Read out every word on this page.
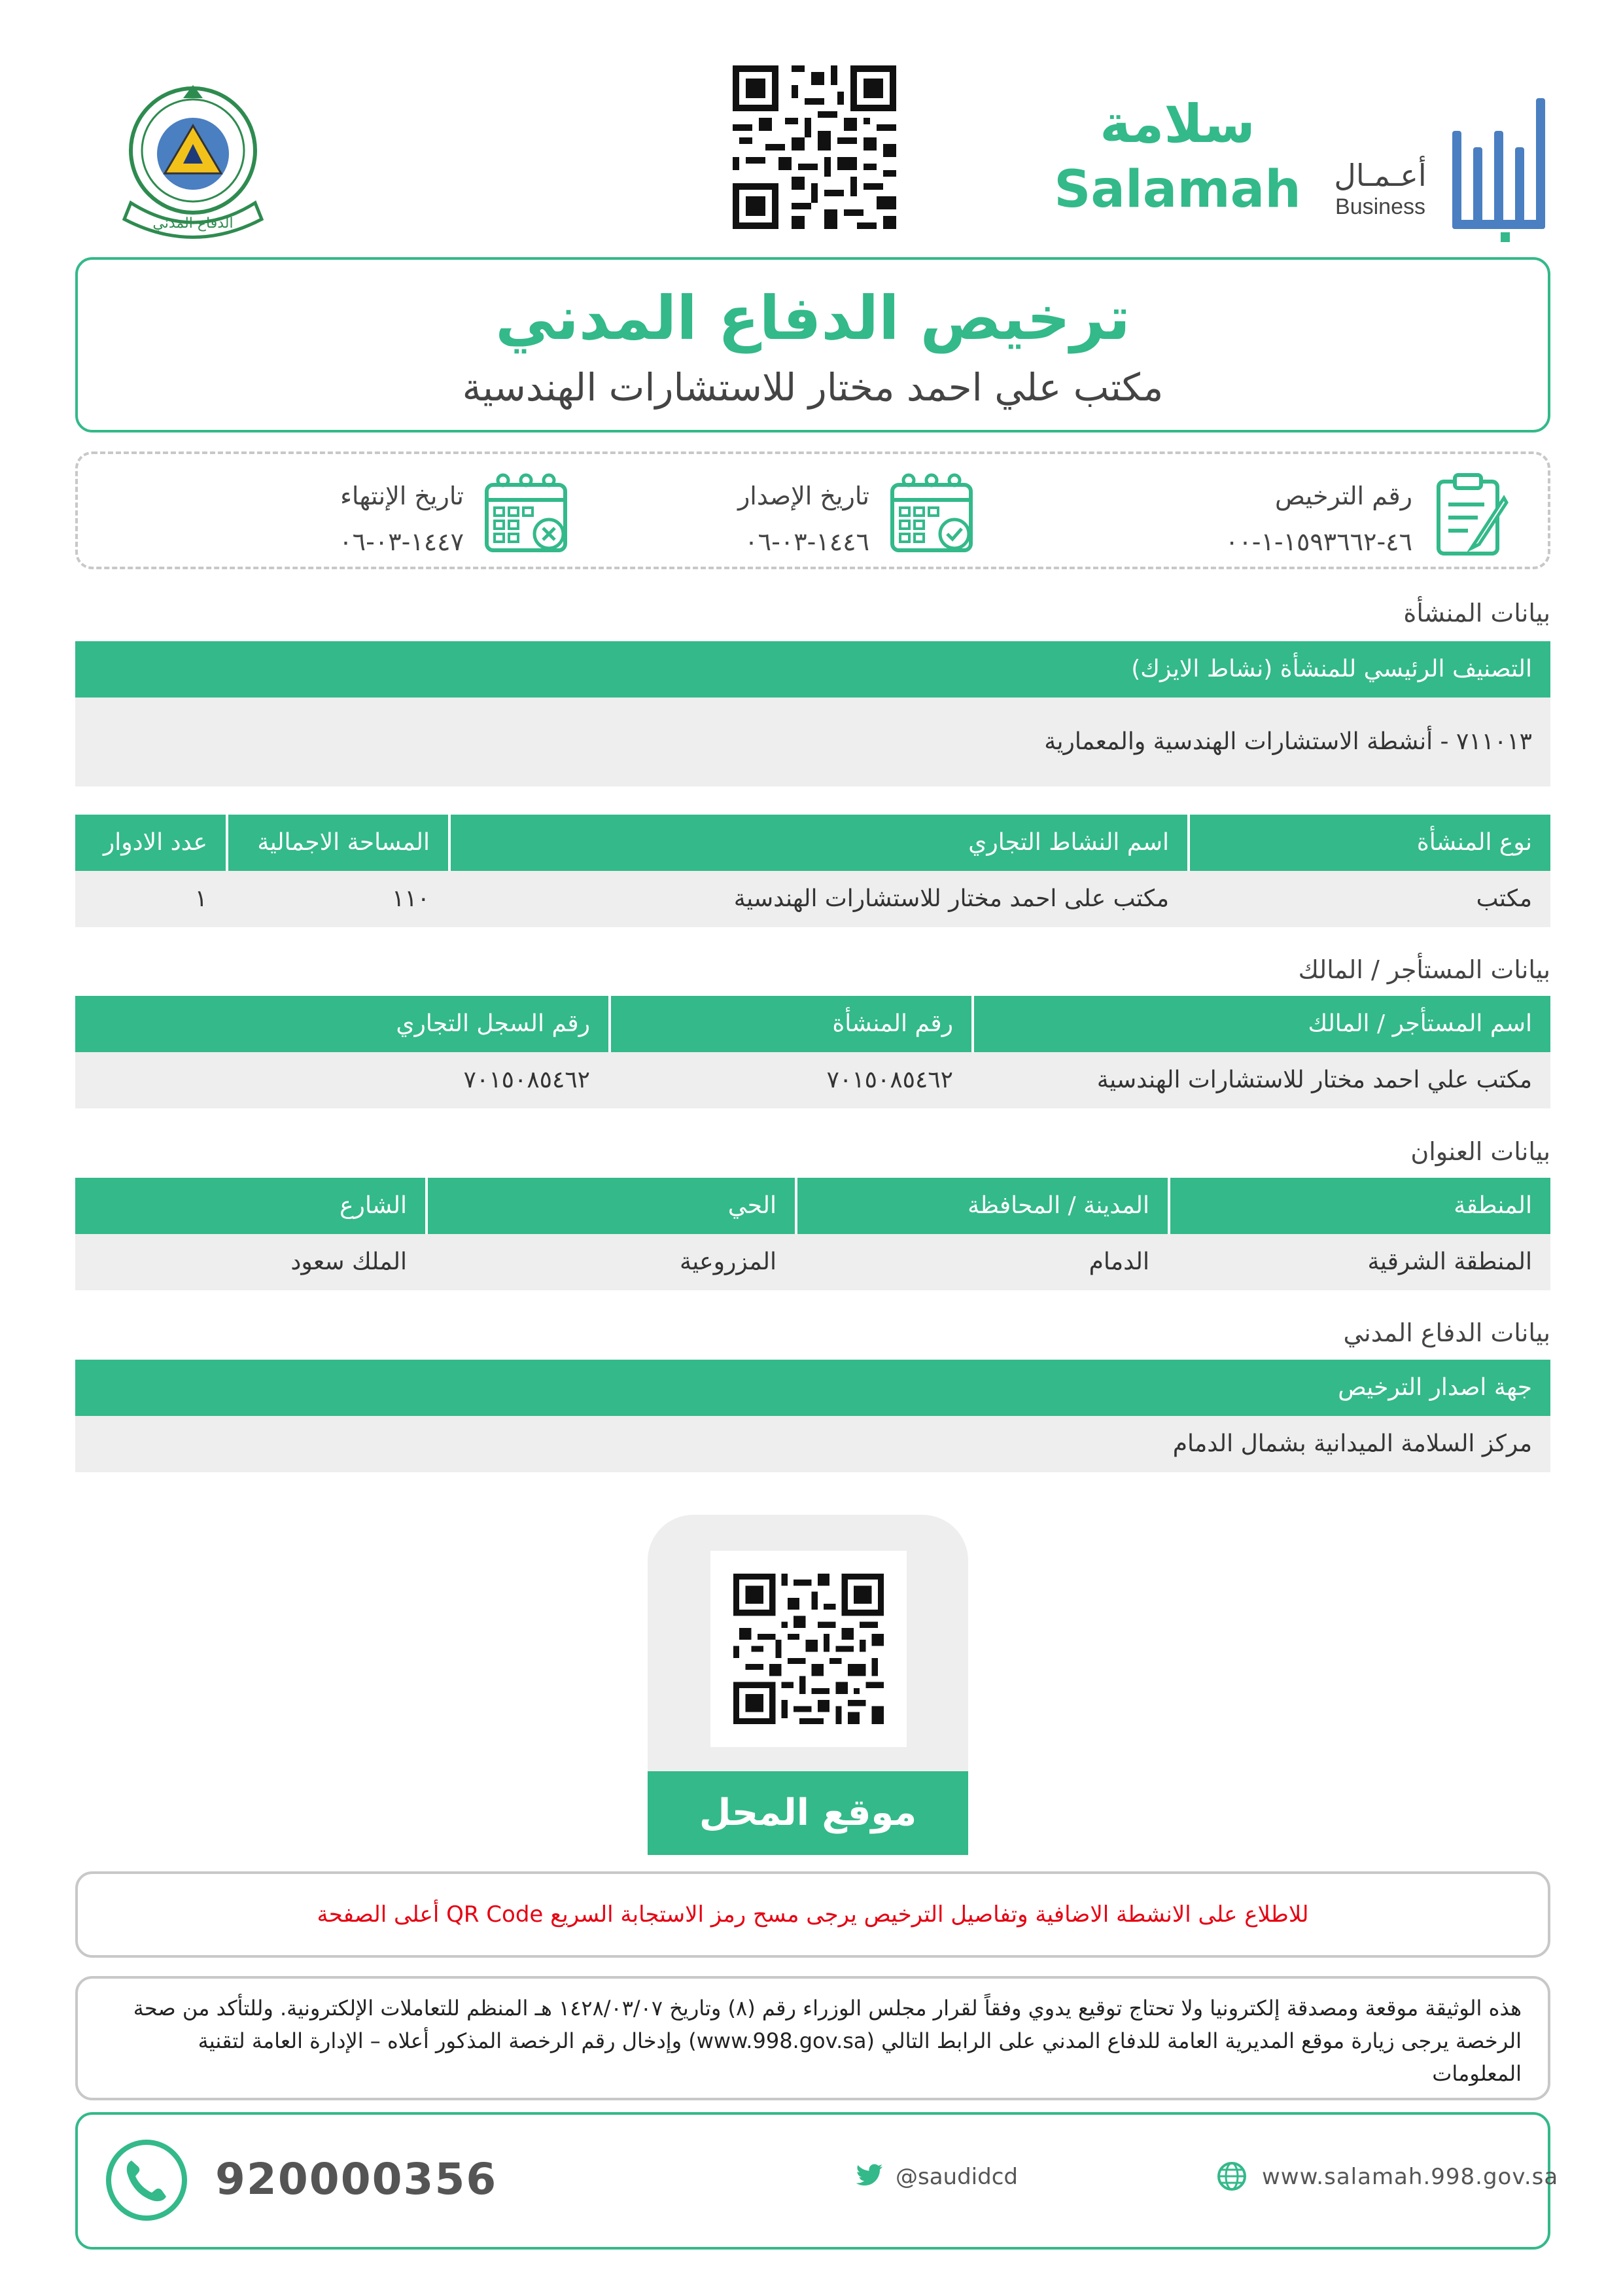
الدفاع المدني
سلامة
Salamah أعـمـال
Business
ترخيص الدفاع المدني
مكتب علي احمد مختار للاستشارات الهندسية
رقم الترخيص
٤٦-١٥٩٣٦٦٢-١-٠٠
تاريخ الإصدار
١٤٤٦-٠٣-٠٦
تاريخ الإنتهاء
١٤٤٧-٠٣-٠٦
بيانات المنشأة
التصنيف الرئيسي للمنشأة (نشاط الايزك)
٧١١٠١٣ - أنشطة الاستشارات الهندسية والمعمارية
نوع المنشأة
اسم النشاط التجاري
المساحة الاجمالية
عدد الادوار
مكتب
مكتب على احمد مختار للاستشارات الهندسية
١١٠
١
بيانات المستأجر / المالك
اسم المستأجر / المالك
رقم المنشأة
رقم السجل التجاري
مكتب علي احمد مختار للاستشارات الهندسية
٧٠١٥٠٨٥٤٦٢
٧٠١٥٠٨٥٤٦٢
بيانات العنوان
المنطقة
المدينة / المحافظة
الحي
الشارع
المنطقة الشرقية
الدمام
المزروعية
الملك سعود
بيانات الدفاع المدني
جهة اصدار الترخيص
مركز السلامة الميدانية بشمال الدمام
موقع المحل
للاطلاع على الانشطة الاضافية وتفاصيل الترخيص يرجى مسح رمز الاستجابة السريع QR Code أعلى الصفحة
هذه الوثيقة موقعة ومصدقة إلكترونيا ولا تحتاج توقيع يدوي وفقاً لقرار مجلس الوزراء رقم (٨) وتاريخ ١٤٢٨/٠٣/٠٧ هـ المنظم للتعاملات الإلكترونية. وللتأكد من صحة الرخصة يرجى زيارة موقع المديرية العامة للدفاع المدني على الرابط التالي (www.998.gov.sa) وإدخال رقم الرخصة المذكور أعلاه – الإدارة العامة لتقنية المعلومات
920000356	@saudidcd	www.salamah.998.gov.sa
